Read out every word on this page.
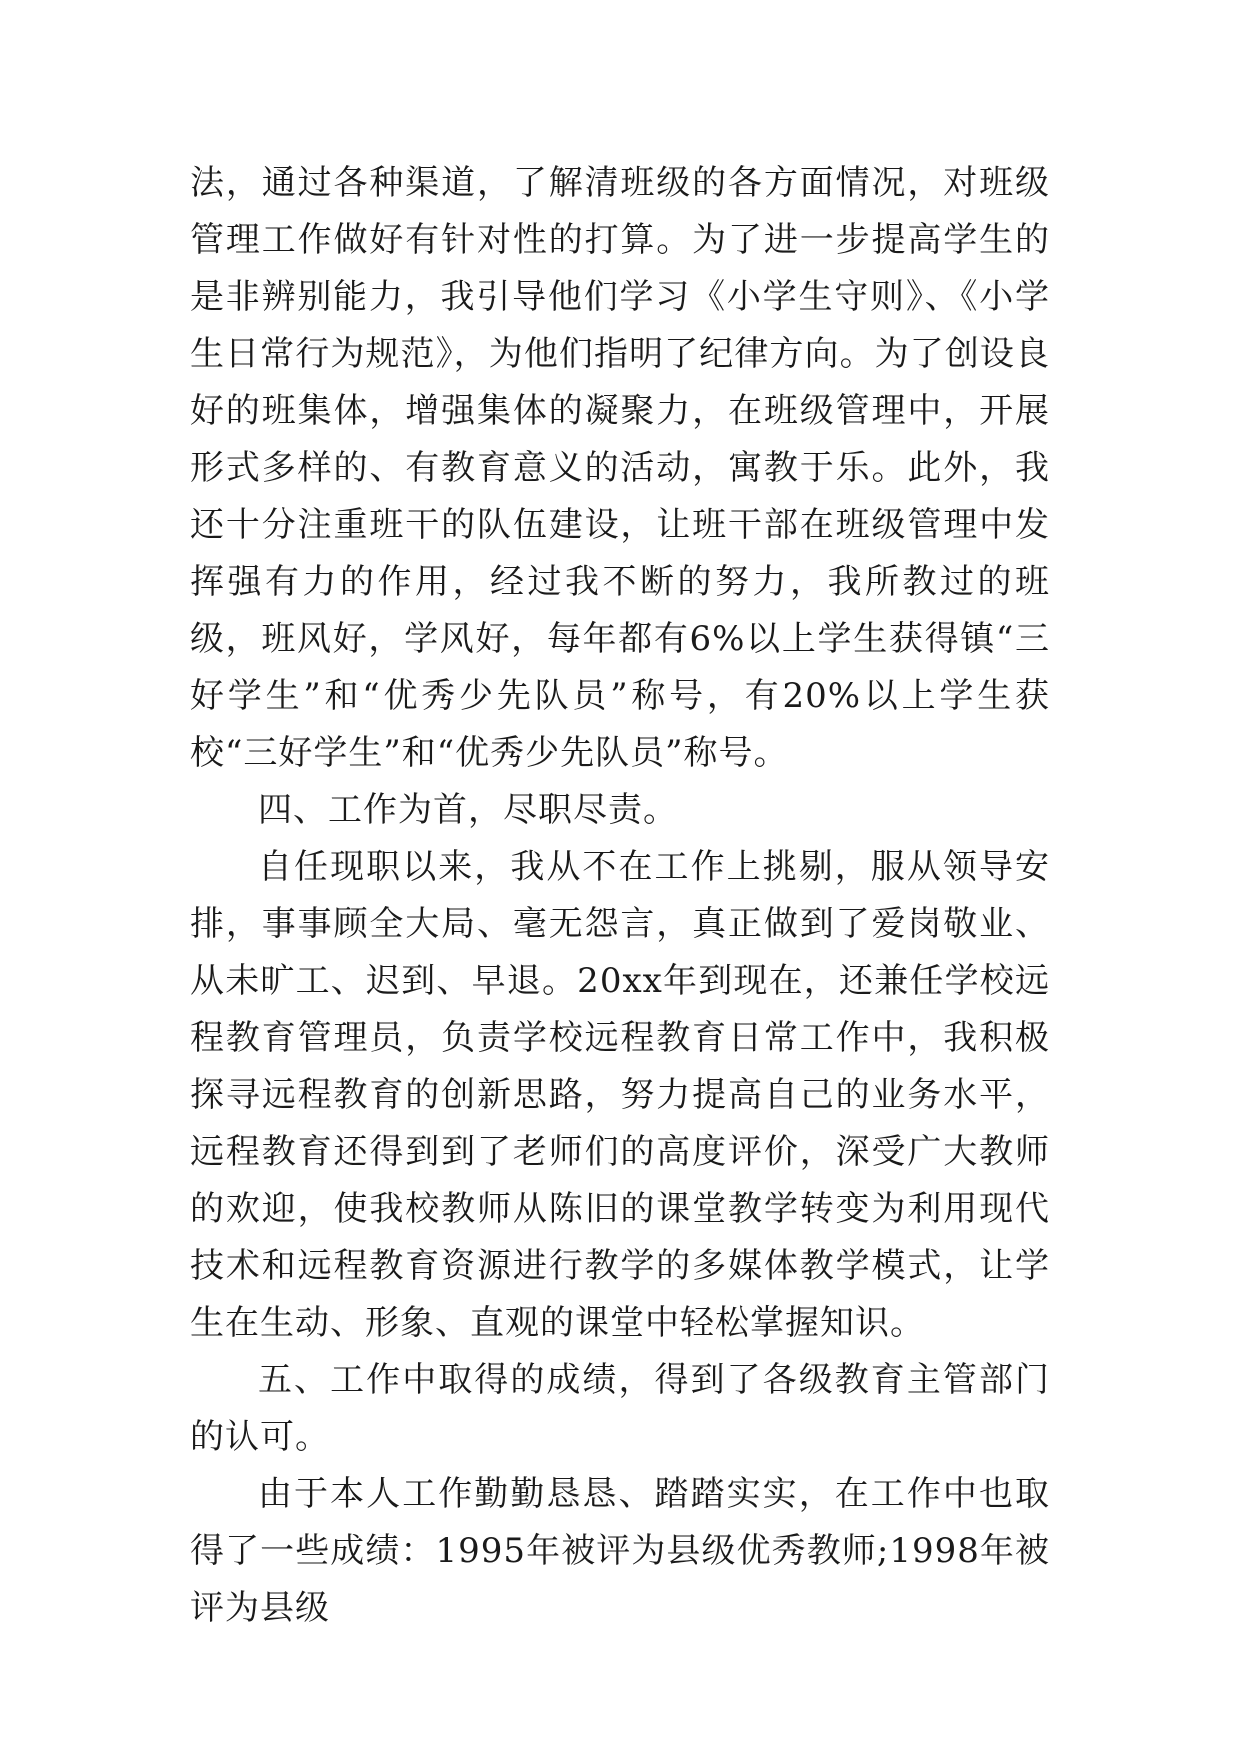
法，通过各种渠道，了解清班级的各方面情况，对班级管理工作做好有针对性的打算。为了进一步提高学生的是非辨别能力，我引导他们学习《小学生守则》、《小学生日常行为规范》，为他们指明了纪律方向。为了创设良好的班集体，增强集体的凝聚力，在班级管理中，开展形式多样的、有教育意义的活动，寓教于乐。此外，我还十分注重班干的队伍建设，让班干部在班级管理中发挥强有力的作用，经过我不断的努力，我所教过的班级，班风好，学风好，每年都有6%以上学生获得镇“三好学生”和“优秀少先队员”称号，有20%以上学生获校“三好学生”和“优秀少先队员”称号。

四、工作为首，尽职尽责。

自任现职以来，我从不在工作上挑剔，服从领导安排，事事顾全大局、毫无怨言，真正做到了爱岗敬业、从未旷工、迟到、早退。20xx年到现在，还兼任学校远程教育管理员，负责学校远程教育日常工作中，我积极探寻远程教育的创新思路，努力提高自己的业务水平，远程教育还得到到了老师们的高度评价，深受广大教师的欢迎，使我校教师从陈旧的课堂教学转变为利用现代技术和远程教育资源进行教学的多媒体教学模式，让学生在生动、形象、直观的课堂中轻松掌握知识。

五、工作中取得的成绩，得到了各级教育主管部门的认可。

由于本人工作勤勤恳恳、踏踏实实，在工作中也取得了一些成绩：1995年被评为县级优秀教师;1998年被评为县级
